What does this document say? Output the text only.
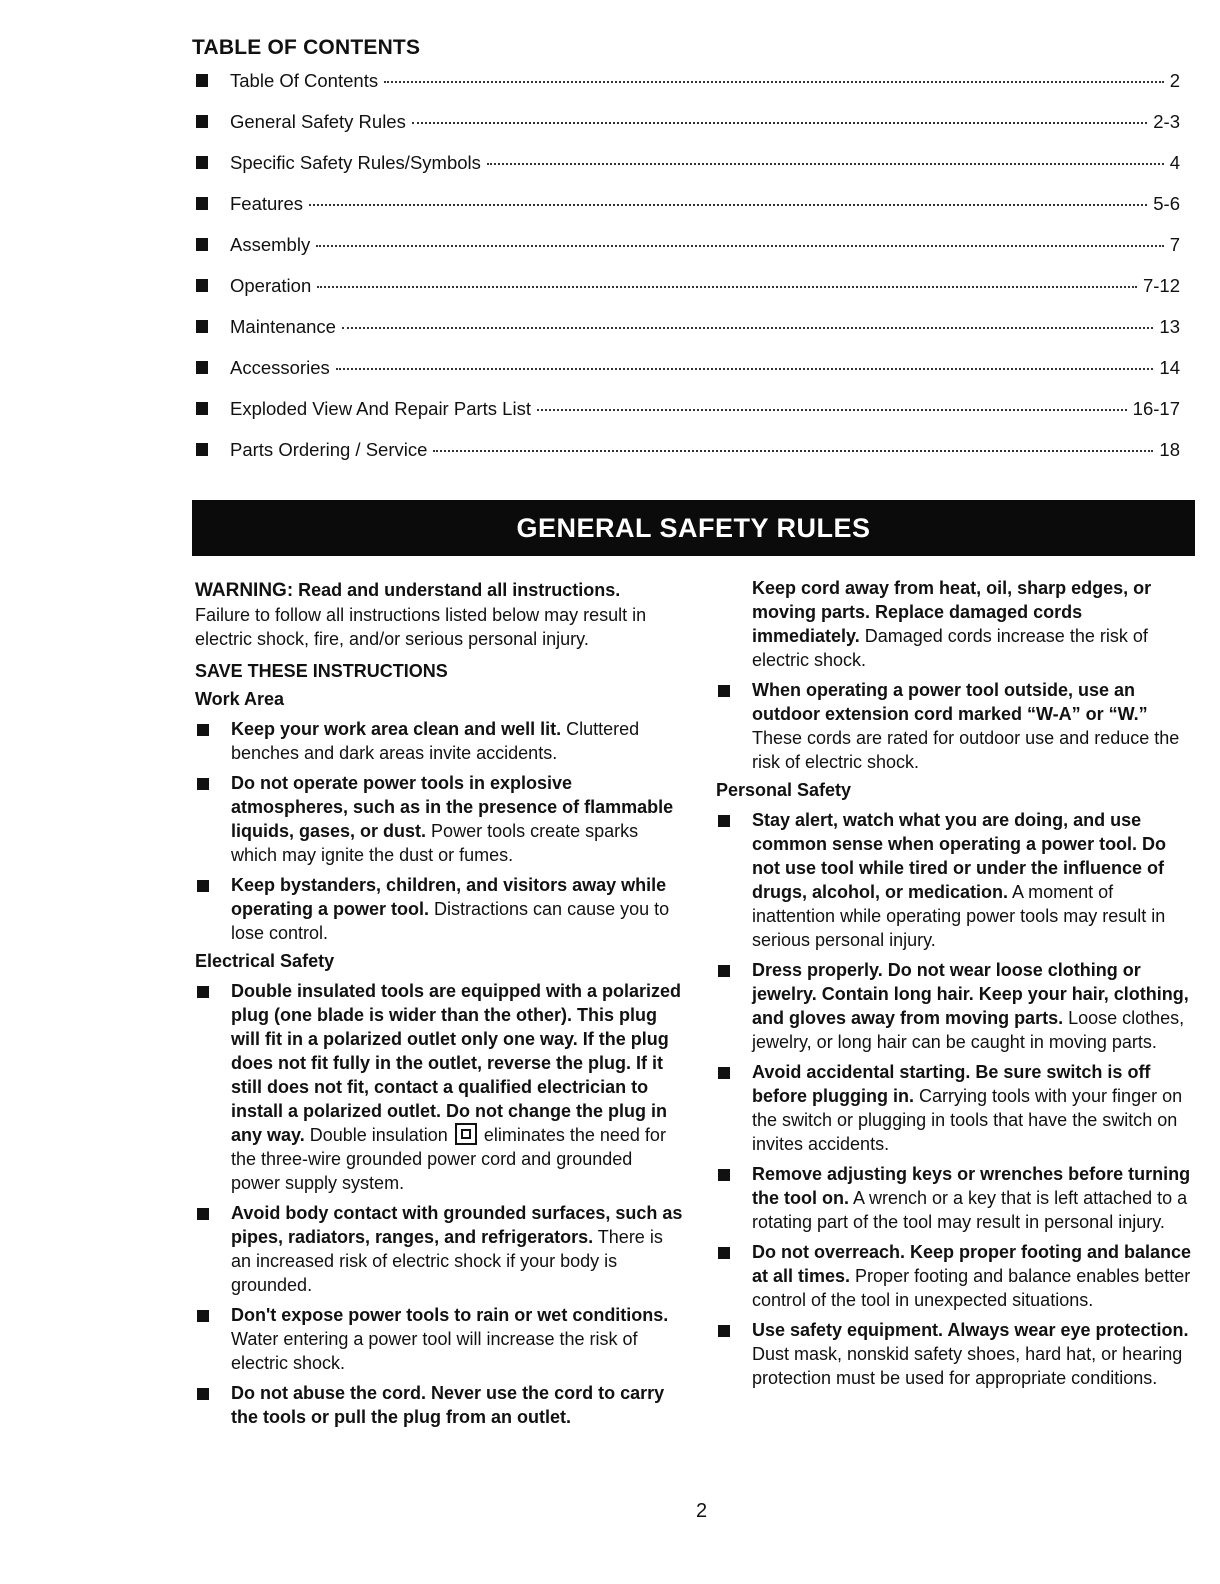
TABLE OF CONTENTS
Table Of Contents	2
General Safety Rules	2-3
Specific Safety Rules/Symbols	4
Features	5-6
Assembly	7
Operation	7-12
Maintenance	13
Accessories	14
Exploded View And Repair Parts List	16-17
Parts Ordering / Service	18
GENERAL SAFETY RULES

WARNING: Read and understand all instructions.

Failure to follow all instructions listed below may result in electric shock, fire, and/or serious personal injury.

SAVE THESE INSTRUCTIONS
Work Area
Keep your work area clean and well lit. Cluttered benches and dark areas invite accidents.
Do not operate power tools in explosive atmospheres, such as in the presence of flammable liquids, gases, or dust. Power tools create sparks which may ignite the dust or fumes.
Keep bystanders, children, and visitors away while operating a power tool. Distractions can cause you to lose control.
Electrical Safety
Double insulated tools are equipped with a polarized plug (one blade is wider than the other). This plug will fit in a polarized outlet only one way. If the plug does not fit fully in the outlet, reverse the plug. If it still does not fit, contact a qualified electrician to install a polarized outlet. Do not change the plug in any way. Double insulation  eliminates the need for the three-wire grounded power cord and grounded power supply system.
Avoid body contact with grounded surfaces, such as pipes, radiators, ranges, and refrigerators. There is an increased risk of electric shock if your body is grounded.
Don't expose power tools to rain or wet conditions. Water entering a power tool will increase the risk of electric shock.
Do not abuse the cord. Never use the cord to carry the tools or pull the plug from an outlet.
Keep cord away from heat, oil, sharp edges, or moving parts. Replace damaged cords immediately. Damaged cords increase the risk of electric shock.
When operating a power tool outside, use an outdoor extension cord marked “W-A” or “W.” These cords are rated for outdoor use and reduce the risk of electric shock.
Personal Safety
Stay alert, watch what you are doing, and use common sense when operating a power tool. Do not use tool while tired or under the influence of drugs, alcohol, or medication. A moment of inattention while operating power tools may result in serious personal injury.
Dress properly. Do not wear loose clothing or jewelry. Contain long hair. Keep your hair, clothing, and gloves away from moving parts. Loose clothes, jewelry, or long hair can be caught in moving parts.
Avoid accidental starting. Be sure switch is off before plugging in. Carrying tools with your finger on the switch or plugging in tools that have the switch on invites accidents.
Remove adjusting keys or wrenches before turning the tool on. A wrench or a key that is left attached to a rotating part of the tool may result in personal injury.
Do not overreach. Keep proper footing and balance at all times. Proper footing and balance enables better control of the tool in unexpected situations.
Use safety equipment. Always wear eye protection. Dust mask, nonskid safety shoes, hard hat, or hearing protection must be used for appropriate conditions.
2
